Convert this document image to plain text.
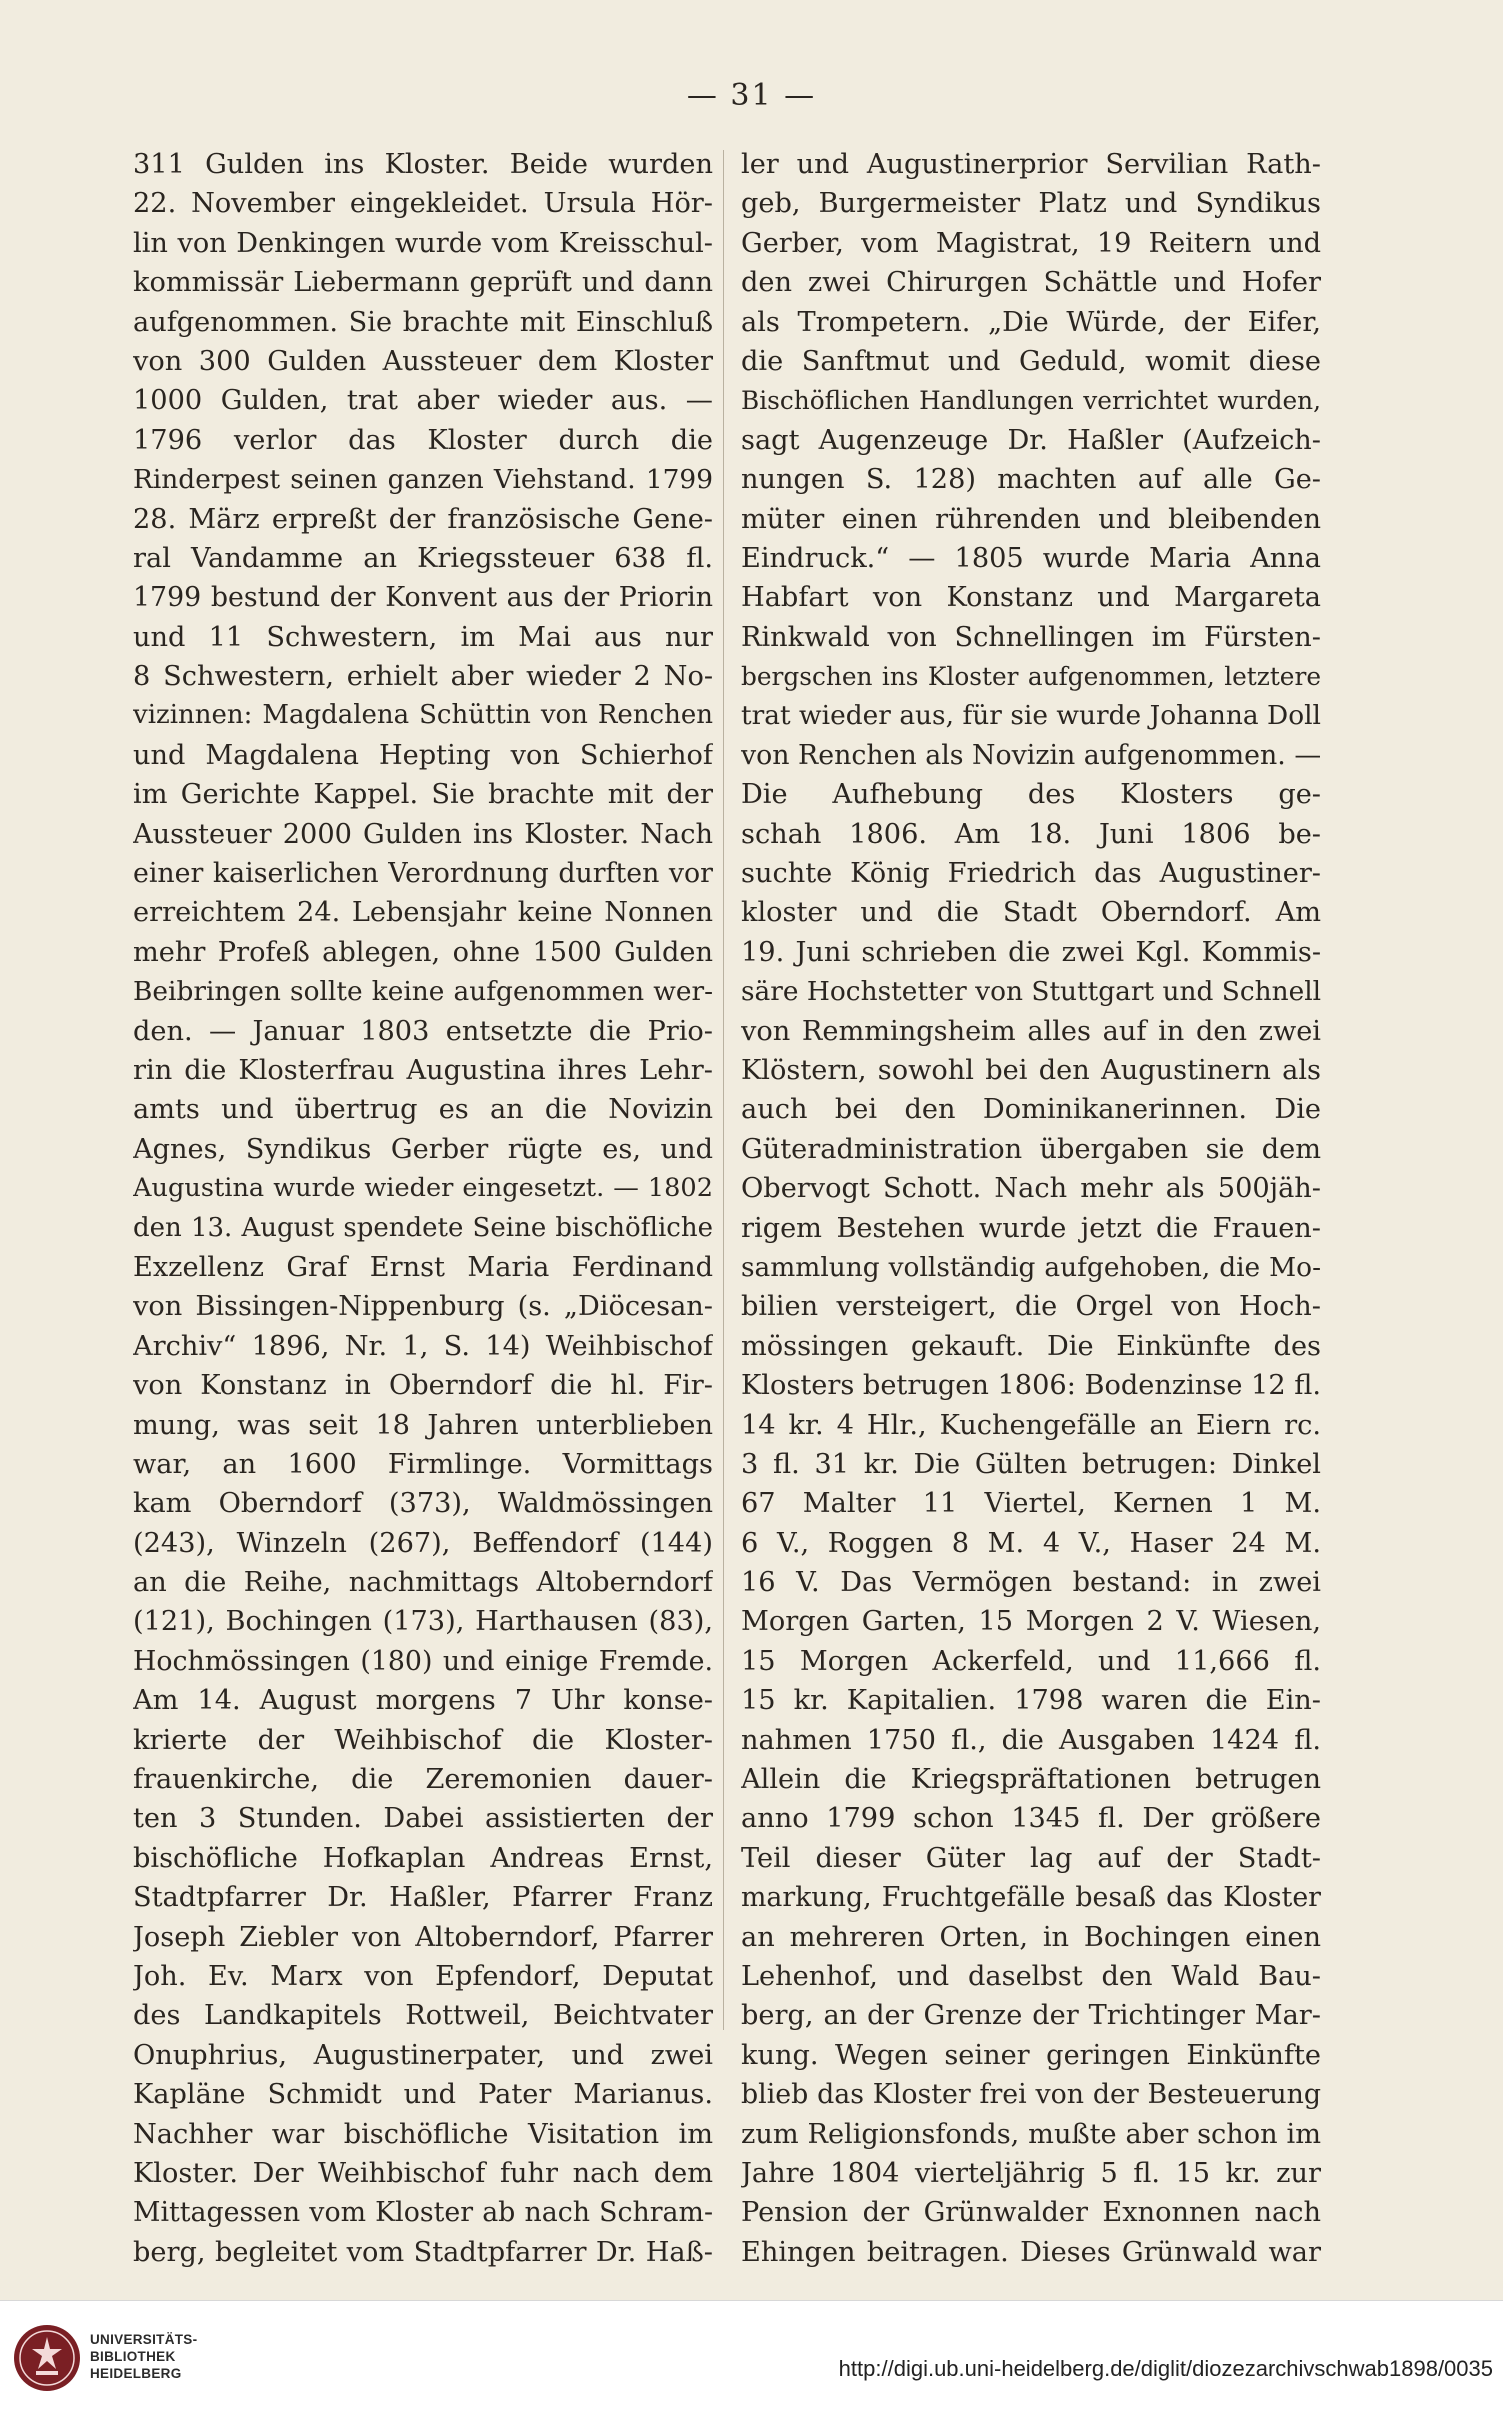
— 31 —
311 Gulden ins Kloster. Beide wurden
22. November eingekleidet. Ursula Hör-
lin von Denkingen wurde vom Kreisschul-
kommissär Liebermann geprüft und dann
aufgenommen. Sie brachte mit Einschluß
von 300 Gulden Aussteuer dem Kloster
1000 Gulden, trat aber wieder aus. —
1796 verlor das Kloster durch die
Rinderpest seinen ganzen Viehstand. 1799
28. März erpreßt der französische Gene-
ral Vandamme an Kriegssteuer 638 fl.
1799 bestund der Konvent aus der Priorin
und 11 Schwestern, im Mai aus nur
8 Schwestern, erhielt aber wieder 2 No-
vizinnen: Magdalena Schüttin von Renchen
und Magdalena Hepting von Schierhof
im Gerichte Kappel. Sie brachte mit der
Aussteuer 2000 Gulden ins Kloster. Nach
einer kaiserlichen Verordnung durften vor
erreichtem 24. Lebensjahr keine Nonnen
mehr Profeß ablegen, ohne 1500 Gulden
Beibringen sollte keine aufgenommen wer-
den. — Januar 1803 entsetzte die Prio-
rin die Klosterfrau Augustina ihres Lehr-
amts und übertrug es an die Novizin
Agnes, Syndikus Gerber rügte es, und
Augustina wurde wieder eingesetzt. — 1802
den 13. August spendete Seine bischöfliche
Exzellenz Graf Ernst Maria Ferdinand
von Bissingen-Nippenburg (s. „Diöcesan-
Archiv“ 1896, Nr. 1, S. 14) Weihbischof
von Konstanz in Oberndorf die hl. Fir-
mung, was seit 18 Jahren unterblieben
war, an 1600 Firmlinge. Vormittags
kam Oberndorf (373), Waldmössingen
(243), Winzeln (267), Beffendorf (144)
an die Reihe, nachmittags Altoberndorf
(121), Bochingen (173), Harthausen (83),
Hochmössingen (180) und einige Fremde.
Am 14. August morgens 7 Uhr konse-
krierte der Weihbischof die Kloster-
frauenkirche, die Zeremonien dauer-
ten 3 Stunden. Dabei assistierten der
bischöfliche Hofkaplan Andreas Ernst,
Stadtpfarrer Dr. Haßler, Pfarrer Franz
Joseph Ziebler von Altoberndorf, Pfarrer
Joh. Ev. Marx von Epfendorf, Deputat
des Landkapitels Rottweil, Beichtvater
Onuphrius, Augustinerpater, und zwei
Kapläne Schmidt und Pater Marianus.
Nachher war bischöfliche Visitation im
Kloster. Der Weihbischof fuhr nach dem
Mittagessen vom Kloster ab nach Schram-
berg, begleitet vom Stadtpfarrer Dr. Haß-
ler und Augustinerprior Servilian Rath-
geb, Burgermeister Platz und Syndikus
Gerber, vom Magistrat, 19 Reitern und
den zwei Chirurgen Schättle und Hofer
als Trompetern. „Die Würde, der Eifer,
die Sanftmut und Geduld, womit diese
Bischöflichen Handlungen verrichtet wurden,
sagt Augenzeuge Dr. Haßler (Aufzeich-
nungen S. 128) machten auf alle Ge-
müter einen rührenden und bleibenden
Eindruck.“ — 1805 wurde Maria Anna
Habfart von Konstanz und Margareta
Rinkwald von Schnellingen im Fürsten-
bergschen ins Kloster aufgenommen, letztere
trat wieder aus, für sie wurde Johanna Doll
von Renchen als Novizin aufgenommen. —
Die Aufhebung des Klosters ge-
schah 1806. Am 18. Juni 1806 be-
suchte König Friedrich das Augustiner-
kloster und die Stadt Oberndorf. Am
19. Juni schrieben die zwei Kgl. Kommis-
säre Hochstetter von Stuttgart und Schnell
von Remmingsheim alles auf in den zwei
Klöstern, sowohl bei den Augustinern als
auch bei den Dominikanerinnen. Die
Güteradministration übergaben sie dem
Obervogt Schott. Nach mehr als 500jäh-
rigem Bestehen wurde jetzt die Frauen-
sammlung vollständig aufgehoben, die Mo-
bilien versteigert, die Orgel von Hoch-
mössingen gekauft. Die Einkünfte des
Klosters betrugen 1806: Bodenzinse 12 fl.
14 kr. 4 Hlr., Kuchengefälle an Eiern rc.
3 fl. 31 kr. Die Gülten betrugen: Dinkel
67 Malter 11 Viertel, Kernen 1 M.
6 V., Roggen 8 M. 4 V., Haser 24 M.
16 V. Das Vermögen bestand: in zwei
Morgen Garten, 15 Morgen 2 V. Wiesen,
15 Morgen Ackerfeld, und 11,666 fl.
15 kr. Kapitalien. 1798 waren die Ein-
nahmen 1750 fl., die Ausgaben 1424 fl.
Allein die Kriegspräftationen betrugen
anno 1799 schon 1345 fl. Der größere
Teil dieser Güter lag auf der Stadt-
markung, Fruchtgefälle besaß das Kloster
an mehreren Orten, in Bochingen einen
Lehenhof, und daselbst den Wald Bau-
berg, an der Grenze der Trichtinger Mar-
kung. Wegen seiner geringen Einkünfte
blieb das Kloster frei von der Besteuerung
zum Religionsfonds, mußte aber schon im
Jahre 1804 vierteljährig 5 fl. 15 kr. zur
Pension der Grünwalder Exnonnen nach
Ehingen beitragen. Dieses Grünwald war
UNIVERSITÄTS-
BIBLIOTHEK
HEIDELBERG	http://digi.ub.uni-heidelberg.de/diglit/diozezarchivschwab1898/0035
